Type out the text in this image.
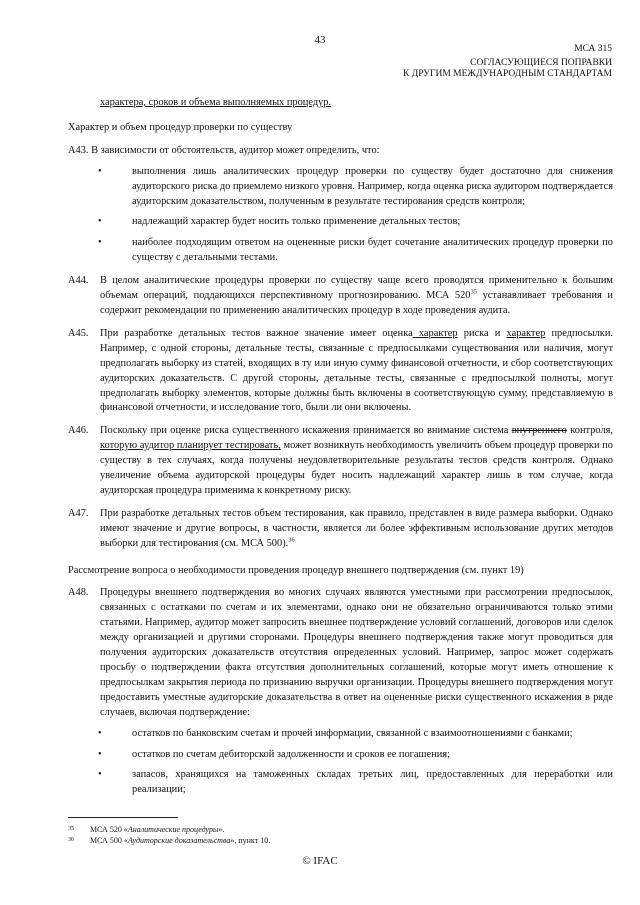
43
МСА 315
СОГЛАСУЮЩИЕСЯ ПОПРАВКИ
К ДРУГИМ МЕЖДУНАРОДНЫМ СТАНДАРТАМ

характера, сроков и объема выполняемых процедур.

Характер и объем процедур проверки по существу

А43. В зависимости от обстоятельств, аудитор может определить, что:

•	выполнения лишь аналитических процедур проверки по существу будет достаточно для снижения аудиторского риска до приемлемо низкого уровня. Например, когда оценка риска аудитором подтверждается аудиторским доказательством, полученным в результате тестирования средств контроля;
•	надлежащий характер будет носить только применение детальных тестов;
•	наиболее подходящим ответом на оцененные риски будет сочетание аналитических процедур проверки по существу с детальными тестами.
А44.	В целом аналитические процедуры проверки по существу чаще всего проводятся применительно к большим объемам операций, поддающихся перспективному прогнозированию. МСА $520^{35}$ устанавливает требования и содержит рекомендации по применению аналитических процедур в ходе проведения аудита.
А45.	При разработке детальных тестов важное значение имеет оценка характер риска и характер предпосылки. Например, с одной стороны, детальные тесты, связанные с предпосылками существования или наличия, могут предполагать выборку из статей, входящих в ту или иную сумму финансовой отчетности, и сбор соответствующих аудиторских доказательств. С другой стороны, детальные тесты, связанные с предпосылкой полноты, могут предполагать выборку элементов, которые должны быть включены в соответствующую сумму, представляемую в финансовой отчетности, и исследование того, были ли они включены.
А46.	Поскольку при оценке риска существенного искажения принимается во внимание система внутреннего контроля, которую аудитор планирует тестировать, может возникнуть необходимость увеличить объем процедур проверки по существу в тех случаях, когда получены неудовлетворительные результаты тестов средств контроля. Однако увеличение объема аудиторской процедуры будет носить надлежащий характер лишь в том случае, когда аудиторская процедура применима к конкретному риску.
А47.	При разработке детальных тестов объем тестирования, как правило, представлен в виде размера выборки. Однако имеют значение и другие вопросы, в частности, является ли более эффективным использование других методов выборки для тестирования (см. МСА 500).$^{36}$

Рассмотрение вопроса о необходимости проведения процедур внешнего подтверждения (см. пункт 19)

А48.	Процедуры внешнего подтверждения во многих случаях являются уместными при рассмотрении предпосылок, связанных с остатками по счетам и их элементами, однако они не обязательно ограничиваются только этими статьями. Например, аудитор может запросить внешнее подтверждение условий соглашений, договоров или сделок между организацией и другими сторонами. Процедуры внешнего подтверждения также могут проводиться для получения аудиторских доказательств отсутствия определенных условий. Например, запрос может содержать просьбу о подтверждении факта отсутствия дополнительных соглашений, которые могут иметь отношение к предпосылкам закрытия периода по признанию выручки организации. Процедуры внешнего подтверждения могут предоставить уместные аудиторские доказательства в ответ на оцененные риски существенного искажения в ряде случаев, включая подтверждение:
•	остатков по банковским счетам и прочей информации, связанной с взаимоотношениями с банками;
•	остатков по счетам дебиторской задолженности и сроков ее погашения;
•	запасов, хранящихся на таможенных складах третьих лиц, предоставленных для переработки или реализации;
35	МСА 520 «Аналитические процедуры».
36	МСА 500 «Аудиторские доказательства», пункт 10.
© IFAC
